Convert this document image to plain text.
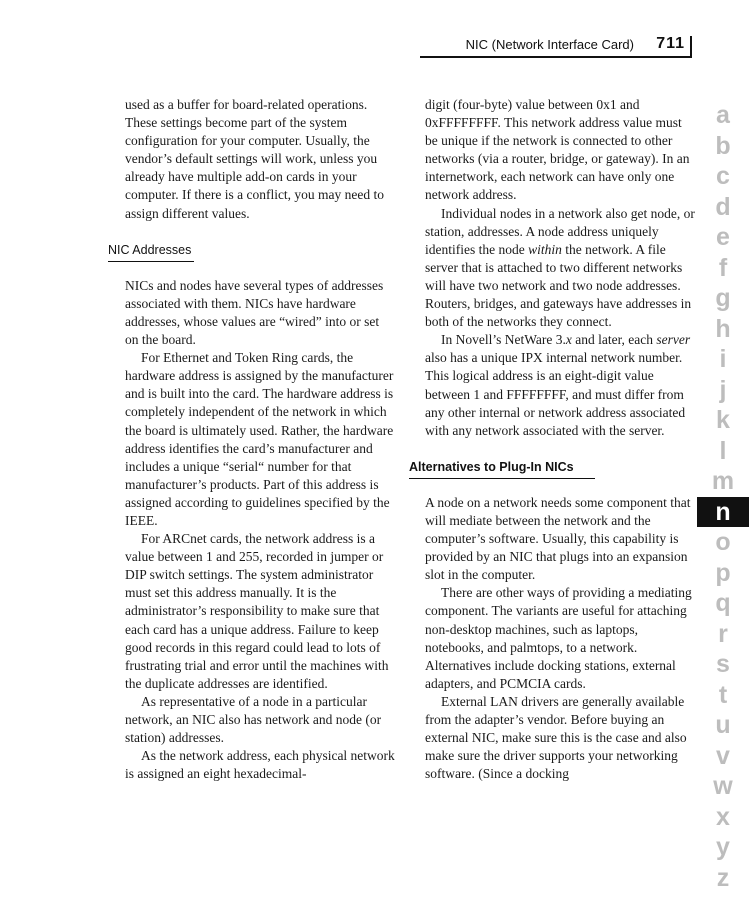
NIC (Network Interface Card) 711

used as a buffer for board-related operations. These settings become part of the system configuration for your computer. Usually, the vendor’s default settings will work, unless you already have multiple add-on cards in your computer. If there is a conflict, you may need to assign different values.

NIC Addresses

NICs and nodes have several types of addresses associated with them. NICs have hardware addresses, whose values are “wired” into or set on the board.

For Ethernet and Token Ring cards, the hardware address is assigned by the manufacturer and is built into the card. The hardware address is completely independent of the network in which the board is ultimately used. Rather, the hardware address identifies the card’s manufacturer and includes a unique “serial“ number for that manufacturer’s products. Part of this address is assigned according to guidelines specified by the IEEE.

For ARCnet cards, the network address is a value between 1 and 255, recorded in jumper or DIP switch settings. The system administrator must set this address manually. It is the administrator’s responsibility to make sure that each card has a unique address. Failure to keep good records in this regard could lead to lots of frustrating trial and error until the machines with the duplicate addresses are identified.

As representative of a node in a particular network, an NIC also has network and node (or station) addresses.

As the network address, each physical network is assigned an eight hexadecimal-

digit (four-byte) value between 0x1 and 0xFFFFFFFF. This network address value must be unique if the network is connected to other networks (via a router, bridge, or gateway). In an internetwork, each network can have only one network address.

Individual nodes in a network also get node, or station, addresses. A node address uniquely identifies the node within the network. A file server that is attached to two different networks will have two network and two node addresses. Routers, bridges, and gateways have addresses in both of the networks they connect.

In Novell’s NetWare 3.x and later, each server also has a unique IPX internal network number. This logical address is an eight-digit value between 1 and FFFFFFFF, and must differ from any other internal or network address associated with any network associated with the server.

Alternatives to Plug-In NICs

A node on a network needs some component that will mediate between the network and the computer’s software. Usually, this capability is provided by an NIC that plugs into an expansion slot in the computer.

There are other ways of providing a mediating component. The variants are useful for attaching non-desktop machines, such as laptops, notebooks, and palmtops, to a network. Alternatives include docking stations, external adapters, and PCMCIA cards.

External LAN drivers are generally available from the adapter’s vendor. Before buying an external NIC, make sure this is the case and also make sure the driver supports your networking software. (Since a docking

a
b
c
d
e
f
g
h
i
j
k
l
m
n
o
p
q
r
s
t
u
v
w
x
y
z
